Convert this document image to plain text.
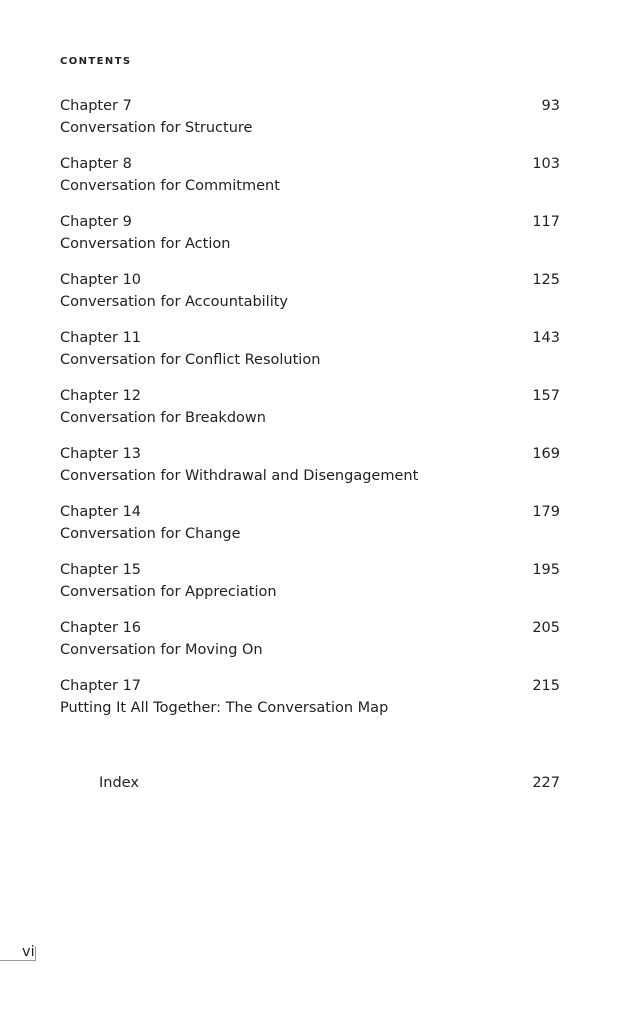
CONTENTS
Chapter 7
Conversation for Structure
93
Chapter 8
Conversation for Commitment
103
Chapter 9
Conversation for Action
117
Chapter 10
Conversation for Accountability
125
Chapter 11
Conversation for Conflict Resolution
143
Chapter 12
Conversation for Breakdown
157
Chapter 13
Conversation for Withdrawal and Disengagement
169
Chapter 14
Conversation for Change
179
Chapter 15
Conversation for Appreciation
195
Chapter 16
Conversation for Moving On
205
Chapter 17
Putting It All Together: The Conversation Map
215
Index	227
vi
